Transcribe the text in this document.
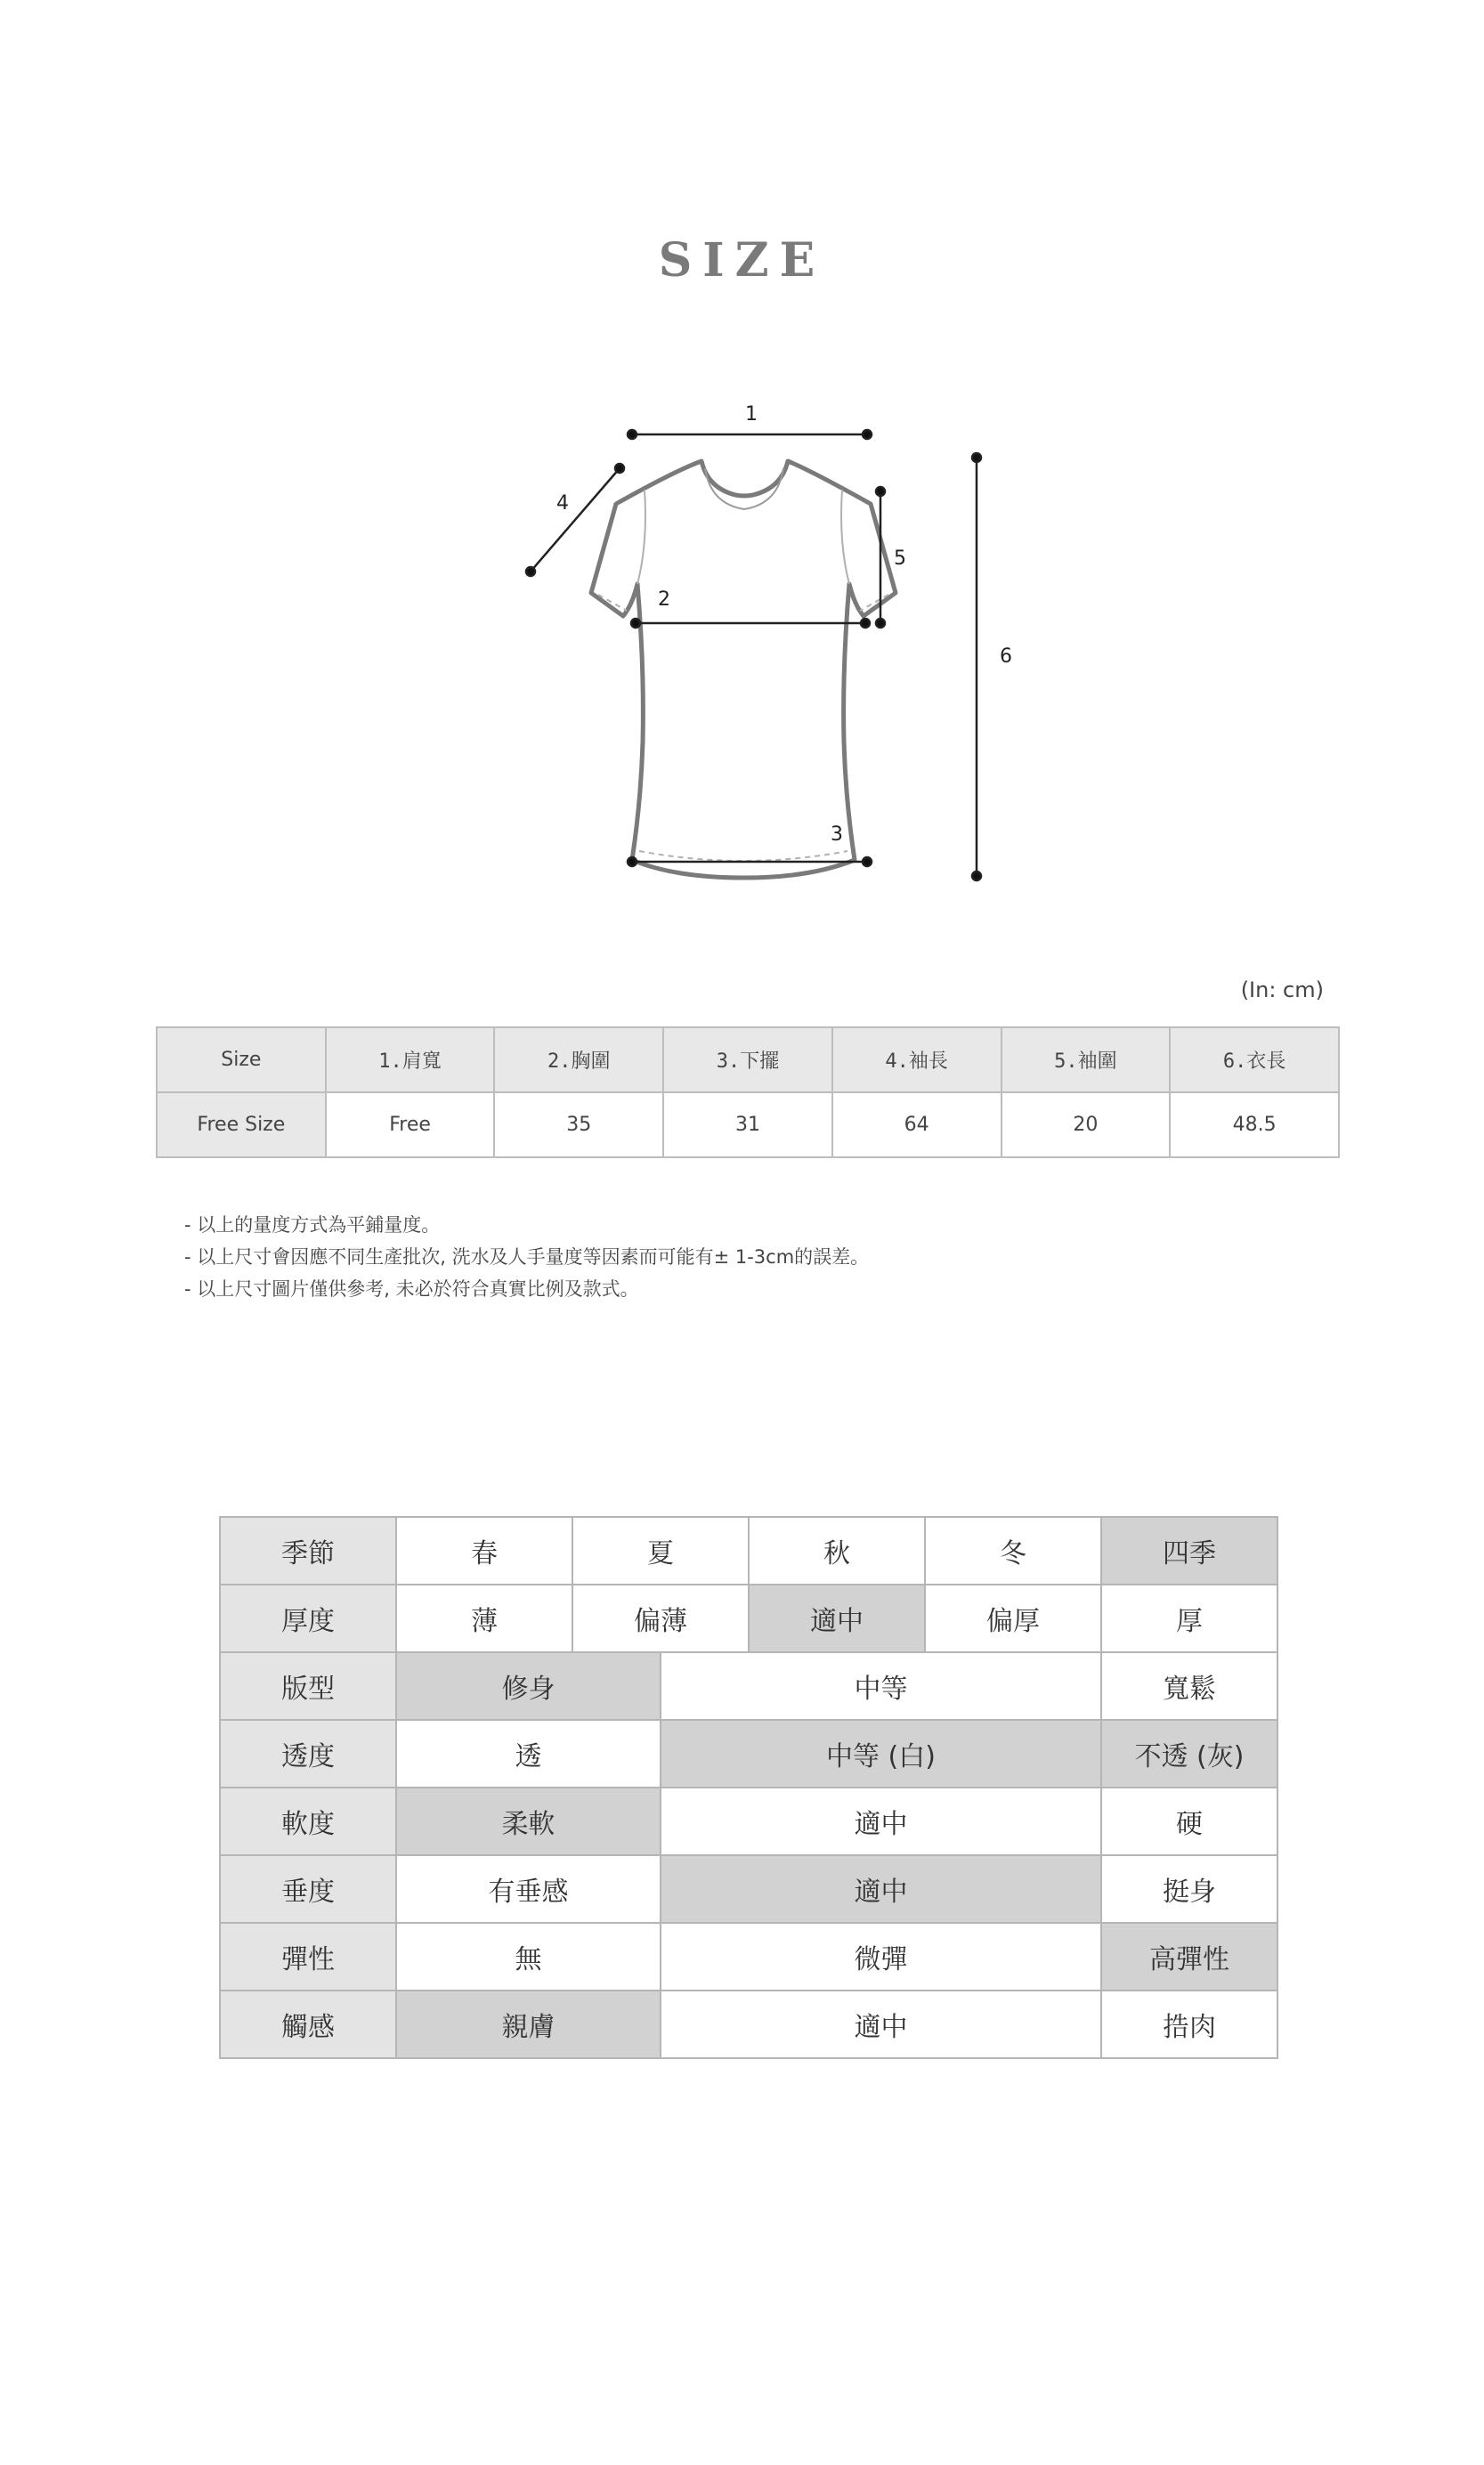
SIZE
1
2
3
4
5
6
(In: cm)
Size	1.肩寬	2.胸圍	3.下擺	4.袖長	5.袖圍	6.衣長
Free Size	Free	35	31	64	20	48.5
- 以上的量度方式為平鋪量度。
- 以上尺寸會因應不同生產批次, 洗水及人手量度等因素而可能有± 1-3cm的誤差。
- 以上尺寸圖片僅供參考, 未必於符合真實比例及款式。
季節	春	夏		秋	冬	四季
厚度	薄	偏薄		適中	偏厚	厚
版型	修身		中等			寬鬆
透度	透		中等 (白)			不透 (灰)
軟度	柔軟		適中			硬
垂度	有垂感		適中			挺身
彈性	無		微彈			高彈性
觸感	親膚		適中			捁肉
